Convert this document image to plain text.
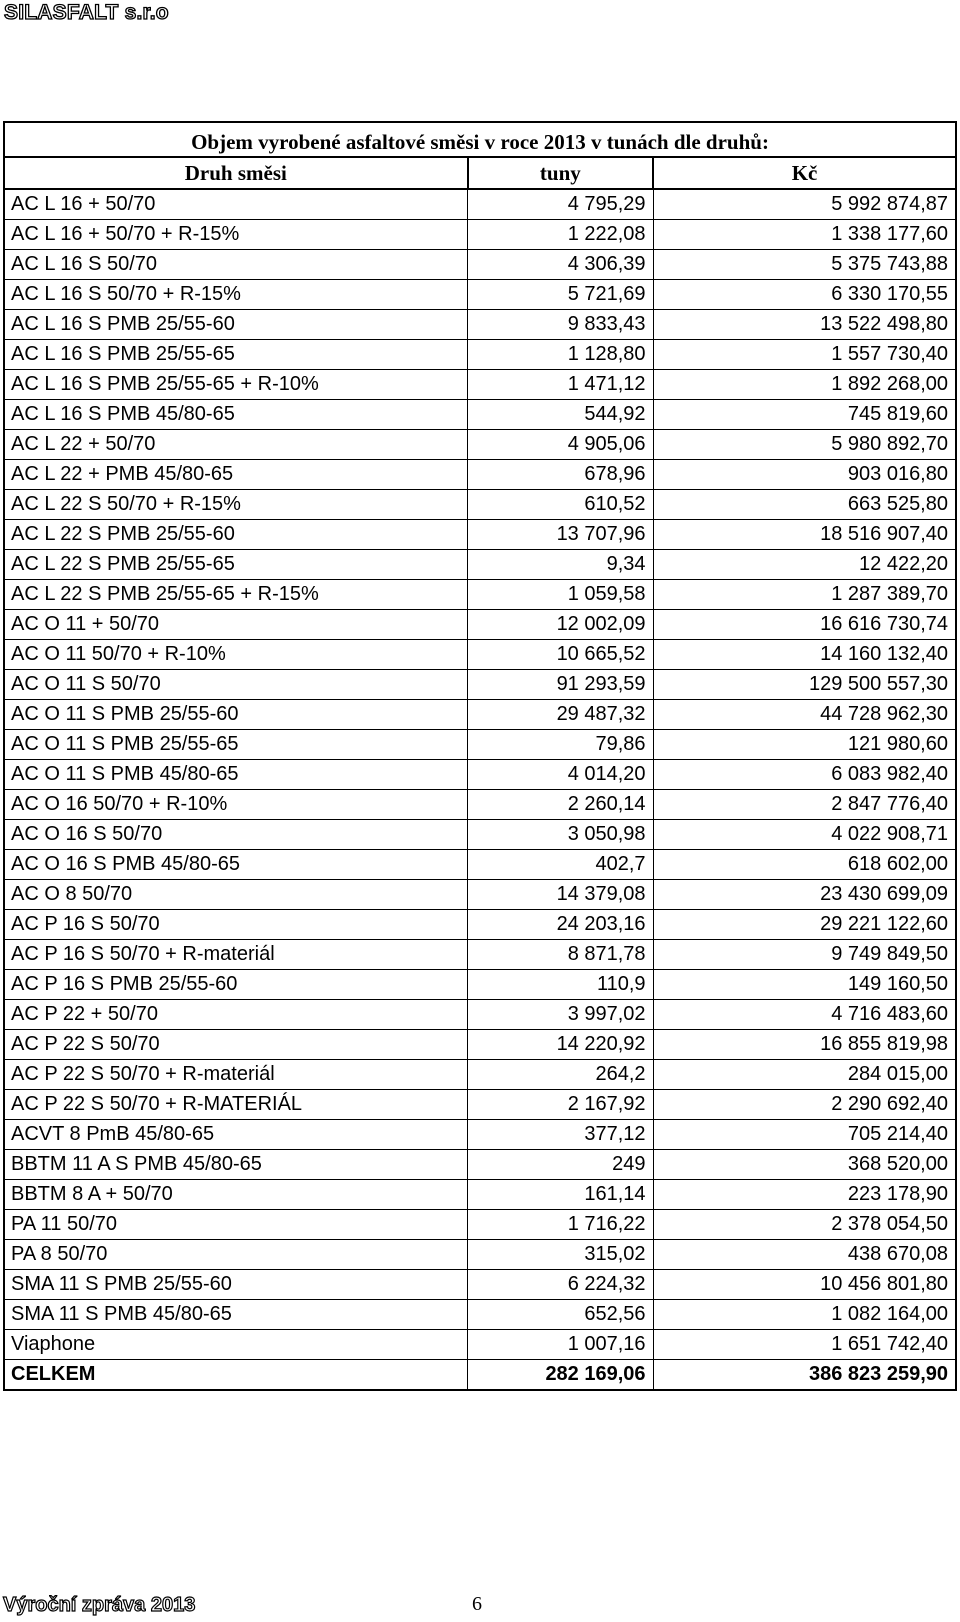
SILASFALT s.r.o
Objem vyrobené asfaltové směsi v roce 2013 v tunách dle druhů:		
Druh směsi	tuny	Kč
AC L 16 + 50/70	4 795,29	5 992 874,87
AC L 16 + 50/70 + R-15%	1 222,08	1 338 177,60
AC L 16 S 50/70	4 306,39	5 375 743,88
AC L 16 S 50/70 + R-15%	5 721,69	6 330 170,55
AC L 16 S PMB 25/55-60	9 833,43	13 522 498,80
AC L 16 S PMB 25/55-65	1 128,80	1 557 730,40
AC L 16 S PMB 25/55-65 + R-10%	1 471,12	1 892 268,00
AC L 16 S PMB 45/80-65	544,92	745 819,60
AC L 22 + 50/70	4 905,06	5 980 892,70
AC L 22 + PMB 45/80-65	678,96	903 016,80
AC L 22 S 50/70 + R-15%	610,52	663 525,80
AC L 22 S PMB 25/55-60	13 707,96	18 516 907,40
AC L 22 S PMB 25/55-65	9,34	12 422,20
AC L 22 S PMB 25/55-65 + R-15%	1 059,58	1 287 389,70
AC O 11 + 50/70	12 002,09	16 616 730,74
AC O 11 50/70 + R-10%	10 665,52	14 160 132,40
AC O 11 S 50/70	91 293,59	129 500 557,30
AC O 11 S PMB 25/55-60	29 487,32	44 728 962,30
AC O 11 S PMB 25/55-65	79,86	121 980,60
AC O 11 S PMB 45/80-65	4 014,20	6 083 982,40
AC O 16 50/70 + R-10%	2 260,14	2 847 776,40
AC O 16 S 50/70	3 050,98	4 022 908,71
AC O 16 S PMB 45/80-65	402,7	618 602,00
AC O 8 50/70	14 379,08	23 430 699,09
AC P 16 S 50/70	24 203,16	29 221 122,60
AC P 16 S 50/70 + R-materiál	8 871,78	9 749 849,50
AC P 16 S PMB 25/55-60	110,9	149 160,50
AC P 22 + 50/70	3 997,02	4 716 483,60
AC P 22 S 50/70	14 220,92	16 855 819,98
AC P 22 S 50/70 + R-materiál	264,2	284 015,00
AC P 22 S 50/70 + R-MATERIÁL	2 167,92	2 290 692,40
ACVT 8 PmB 45/80-65	377,12	705 214,40
BBTM 11 A S PMB 45/80-65	249	368 520,00
BBTM 8 A + 50/70	161,14	223 178,90
PA 11 50/70	1 716,22	2 378 054,50
PA 8 50/70	315,02	438 670,08
SMA 11 S PMB 25/55-60	6 224,32	10 456 801,80
SMA 11 S PMB 45/80-65	652,56	1 082 164,00
Viaphone	1 007,16	1 651 742,40
CELKEM	282 169,06	386 823 259,90
Výroční zpráva 2013	6
